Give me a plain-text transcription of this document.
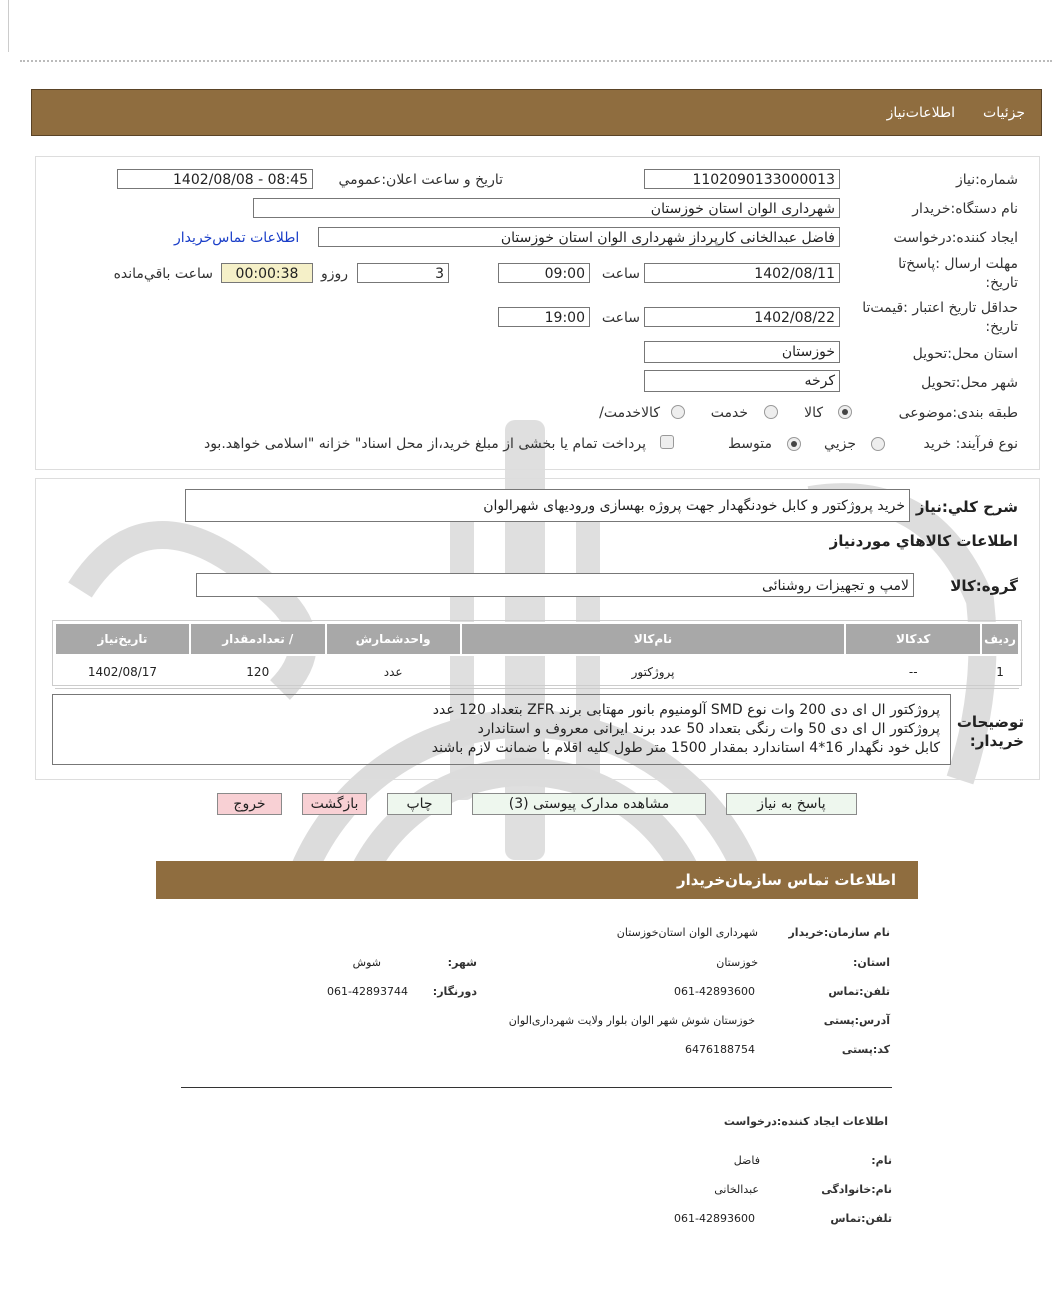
اطلاعات‌نیاز جزئیات
شماره:نیاز
1102090133000013
تاريخ و ساعت اعلان:عمومي
1402/08/08 - 08:45
نام دستگاه:خريدار
شهرداری الوان استان خوزستان
ايجاد کننده:درخواست
فاضل عبدالخانی کارپرداز شهرداری الوان استان خوزستان
اطلاعات تماس‌خريدار
مهلت ارسال :پاسخ‌تا
:تاريخ
1402/08/11
ساعت
09:00
3
روزو
00:00:38
ساعت باقي‌مانده
حداقل تاريخ اعتبار :قيمت‌تا
:تاريخ
1402/08/22
ساعت
19:00
استان محل:تحويل
خوزستان
شهر محل:تحويل
کرخه
طبقه بندی:موضوعی
کالا
خدمت
/کالاخدمت
نوع فرآيند: خريد
جزيي
متوسط
پرداخت تمام يا بخشی از مبلغ خريد،از محل اسناد" خزانه "اسلامی خواهد.بود
شرح کلي:نياز
خريد پروژکتور و کابل خودنگهدار جهت پروژه بهسازی ورودیهای شهرالوان
اطلاعات کالاهاي موردنياز
گروه:کالا
لامپ و تجهيزات روشنائی
رديف	کدکالا	نام‌کالا	واحدشمارش	/ تعدادمقدار	تاريخ‌نياز
1	--	پروژکتور	عدد	120	1402/08/17
توضيحات
:خريدار
پروژکتور ال ای دی 200 وات نوع SMD آلومنیوم بانور مهتابی برند ZFR بتعداد 120 عدد
پروژکتور ال ای دی 50 وات رنگی بتعداد 50 عدد برند ایرانی معروف و استاندارد
کابل خود نگهدار 16*4 استاندارد بمقدار 1500 متر طول کلیه اقلام با ضمانت لازم باشند
پاسخ به نیاز
مشاهده مدارک پیوستی (3)
چاپ
بازگشت
خروج
اطلاعات تماس سازمان‌خريدار
نام سازمان:خريدار
شهرداری الوان استان‌خوزستان
:استان
خوزستان
:شهر
شوش
تلفن:تماس
061-42893600
:دورنگار
061-42893744
آدرس:پستی
خوزستان شوش شهر الوان بلوار ولایت شهرداری‌الوان
کد:پستی
6476188754
اطلاعات ايجاد کننده:درخواست
:نام
فاضل
نام:خانوادگی
عبدالخانی
تلفن:تماس
061-42893600
